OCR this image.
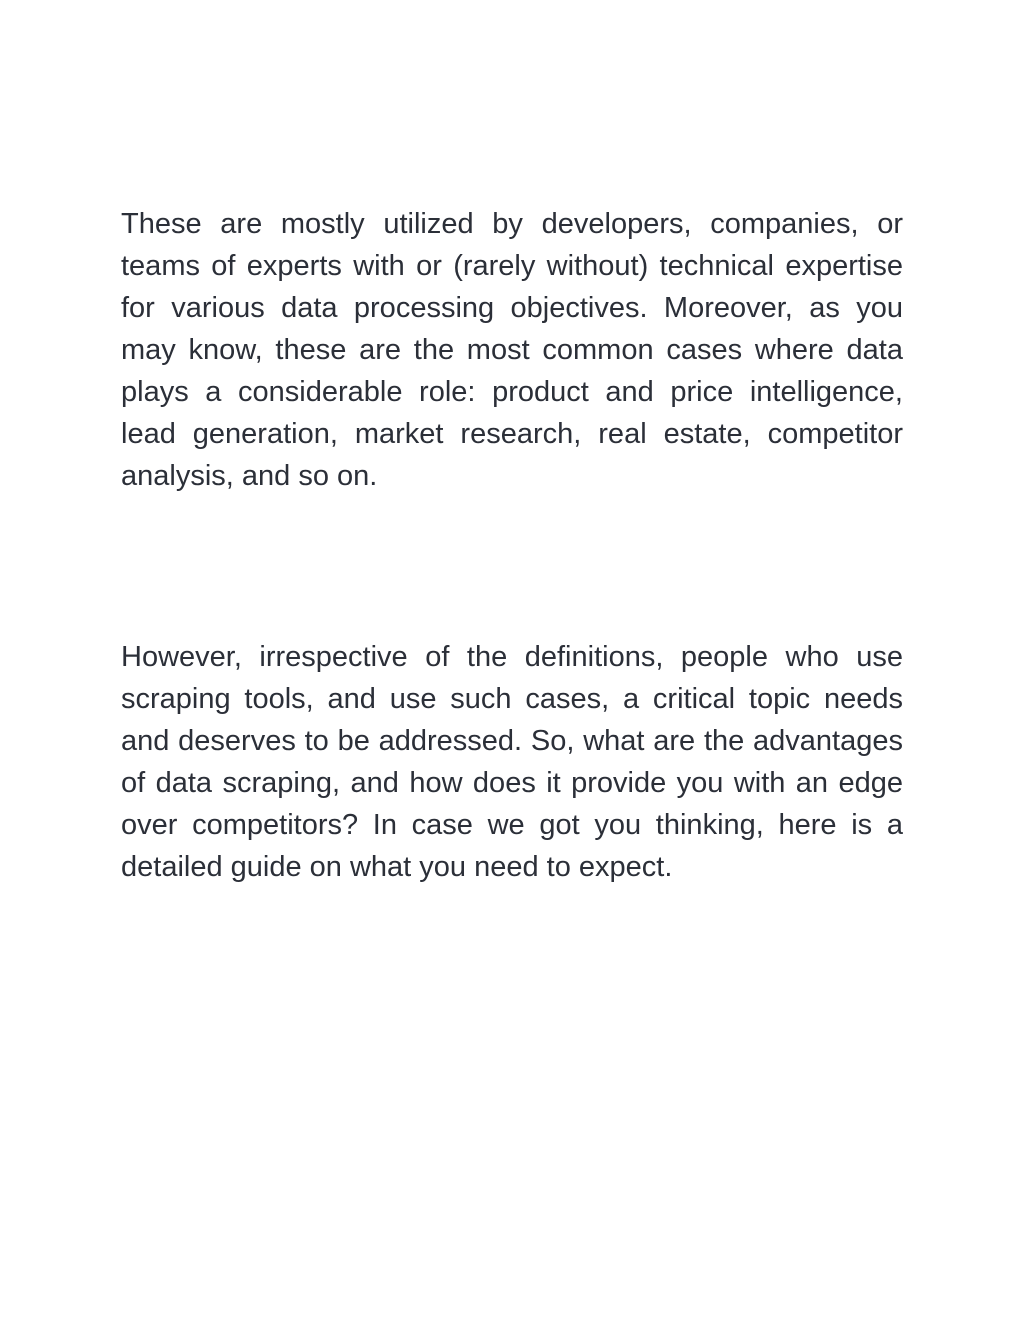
These are mostly utilized by developers, companies, or teams of experts with or (rarely without) technical expertise for various data processing objectives. Moreover, as you may know, these are the most common cases where data plays a considerable role: product and price intelligence, lead generation, market research, real estate, competitor analysis, and so on.

However, irrespective of the definitions, people who use scraping tools, and use such cases, a critical topic needs and deserves to be addressed. So, what are the advantages of data scraping, and how does it provide you with an edge over competitors? In case we got you thinking, here is a detailed guide on what you need to expect.
